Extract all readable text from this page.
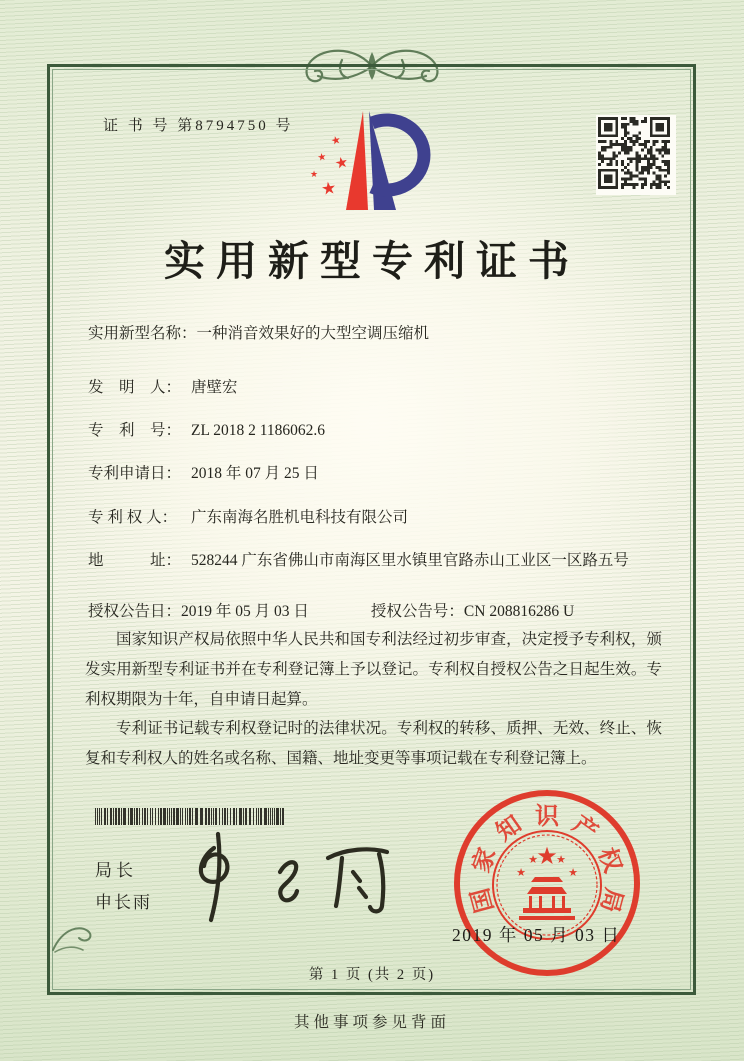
证 书 号 第8794750 号
★
★
★
★
★
实用新型专利证书
实用新型名称： 一种消音效果好的大型空调压缩机
发　明　人： 唐壁宏
专　利　号： ZL 2018 2 1186062.6
专利申请日： 2018 年 07 月 25 日
专 利 权 人： 广东南海名胜机电科技有限公司
地　　　址： 528244 广东省佛山市南海区里水镇里官路赤山工业区一区路五号
授权公告日：2019 年 05 月 03 日	授权公告号：CN 208816286 U

国家知识产权局依照中华人民共和国专利法经过初步审查，决定授予专利权，颁发实用新型专利证书并在专利登记簿上予以登记。专利权自授权公告之日起生效。专利权期限为十年，自申请日起算。

专利证书记载专利权登记时的法律状况。专利权的转移、质押、无效、终止、恢复和专利权人的姓名或名称、国籍、地址变更等事项记载在专利登记簿上。

局长
申长雨
★
★
★ ★
★
国
家
知 识 产
权
局
2019 年 05 月 03 日
第 1 页 (共 2 页)
其他事项参见背面
